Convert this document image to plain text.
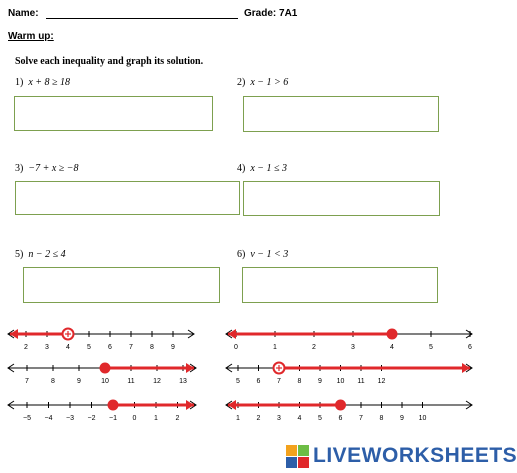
Name:	Grade: 7A1
Warm up:
Solve each inequality and graph its solution.
1) x + 8 ≥ 18	2) x − 1 > 6
3) −7 + x ≥ −8	4) x − 1 ≤ 3
5) n − 2 ≤ 4	6) v − 1 < 3
2 3 4 5 6 7 8 9	0	1	2	3	4	5	6
7	8	9	10	11	12	13	5 6 7 8 9 10 11 12
−5 −4 −3 −2 −1 0	1	2	1 2 3 4 5 6 7 8 9 10
LIVEWORKSHEETS
